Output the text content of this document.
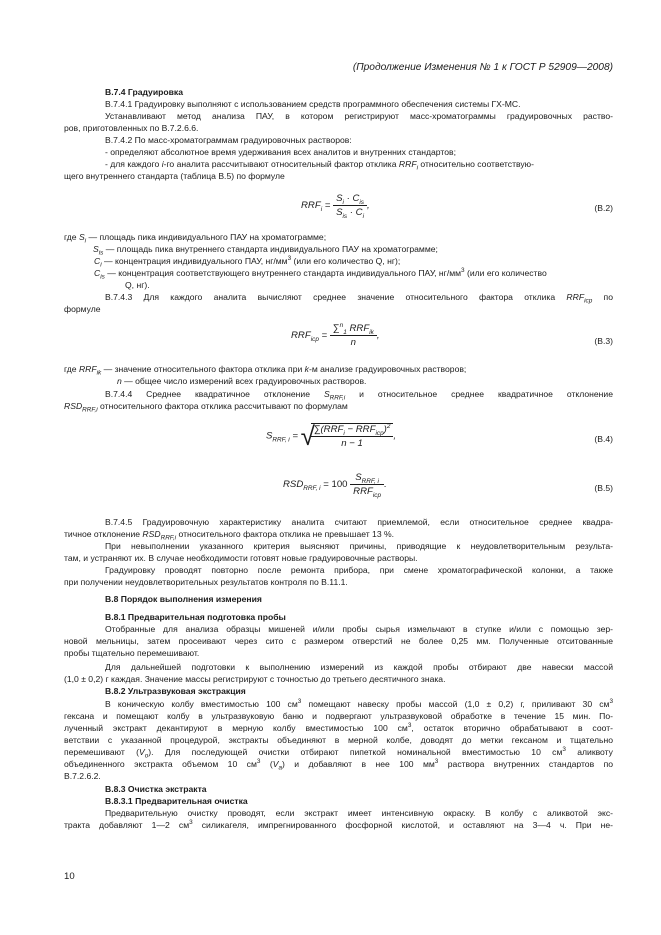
(Продолжение Изменения № 1 к ГОСТ Р 52909—2008)
В.7.4 Градуировка
В.7.4.1 Градуировку выполняют с использованием средств программного обеспечения системы ГХ-МС.
Устанавливают метод анализа ПАУ, в котором регистрируют масс-хроматограммы градуировочных раство-
ров, приготовленных по В.7.2.6.6.
В.7.4.2 По масс-хроматограммам градуировочных растворов:
- определяют абсолютное время удерживания всех аналитов и внутренних стандартов;
- для каждого i-го аналита рассчитывают относительный фактор отклика $RRF_i$ относительно соответствую-
щего внутреннего стандарта (таблица В.5) по формуле
$RRF_i = \frac{S_i \cdot C_{is}}{S_{is} \cdot C_i}$ ,	(В.2)
где $S_i$ — площадь пика индивидуального ПАУ на хроматограмме;
$S_{is}$ — площадь пика внутреннего стандарта индивидуального ПАУ на хроматограмме;
$C_i$ — концентрация индивидуального ПАУ, $нг/мм^3$ (или его количество Q, нг);
$C_{is}$ — концентрация соответствующего внутреннего стандарта индивидуального ПАУ, $нг/мм^3$ (или его количество
Q, нг).
В.7.4.3 Для каждого аналита вычисляют среднее значение относительного фактора отклика $RRF_{icp}$ по
формуле
$RRF_{icp} = \frac{\sum^n_1 RRF_{ik}}{n}$ ,	(В.3)
где $RRF_{ik}$ — значение относительного фактора отклика при k-м анализе градуировочных растворов;
n — общее число измерений всех градуировочных растворов.
В.7.4.4 Среднее квадратичное отклонение $S_{RRF,i}$ и относительное среднее квадратичное отклонение
$RSD_{RRF,i}$ относительного фактора отклика рассчитывают по формулам
$S_{RRF, i}$ = √
$\frac{\sum(RRF_i - RRF_{icp})^2}{n - 1}$ ,	(В.4)
$RSD_{RRF, i} = 100 \frac{S_{RRF, i}}{RRF_{icp}}$ .	(В.5)
В.7.4.5 Градуировочную характеристику аналита считают приемлемой, если относительное среднее квадра-
тичное отклонение $RSD_{RRF,i}$ относительного фактора отклика не превышает 13 %.
При невыполнении указанного критерия выясняют причины, приводящие к неудовлетворительным результа-
там, и устраняют их. В случае необходимости готовят новые градуировочные растворы.
Градуировку проводят повторно после ремонта прибора, при смене хроматографической колонки, а также
при получении неудовлетворительных результатов контроля по В.11.1.
В.8 Порядок выполнения измерения
В.8.1 Предварительная подготовка пробы
Отобранные для анализа образцы мишеней и/или пробы сырья измельчают в ступке и/или с помощью зер-
новой мельницы, затем просеивают через сито с размером отверстий не более 0,25 мм. Полученные отситованные
пробы тщательно перемешивают.
Для дальнейшей подготовки к выполнению измерений из каждой пробы отбирают две навески массой
(1,0 ± 0,2) г каждая. Значение массы регистрируют с точностью до третьего десятичного знака.
В.8.2 Ультразвуковая экстракция
В коническую колбу вместимостью 100 $см^3$ помещают навеску пробы массой (1,0 ± 0,2) г, приливают 30 $см^3$
гексана и помещают колбу в ультразвуковую баню и подвергают ультразвуковой обработке в течение 15 мин. По-
лученный экстракт декантируют в мерную колбу вместимостью 100 $см^3$, остаток вторично обрабатывают в соот-
ветствии с указанной процедурой, экстракты объединяют в мерной колбе, доводят до метки гексаном и тщательно
перемешивают $(V_o)$. Для последующей очистки отбирают пипеткой номинальной вместимостью 10 $см^3$ аликвоту
объединенного экстракта объемом 10 $см^3$ $(V_a)$ и добавляют в нее 100 $мм^3$ раствора внутренних стандартов по
В.7.2.6.2.
В.8.3 Очистка экстракта
В.8.3.1 Предварительная очистка
Предварительную очистку проводят, если экстракт имеет интенсивную окраску. В колбу с аликвотой экс-
тракта добавляют 1—2 $см^3$ силикагеля, импрегнированного фосфорной кислотой, и оставляют на 3—4 ч. При не-
10
